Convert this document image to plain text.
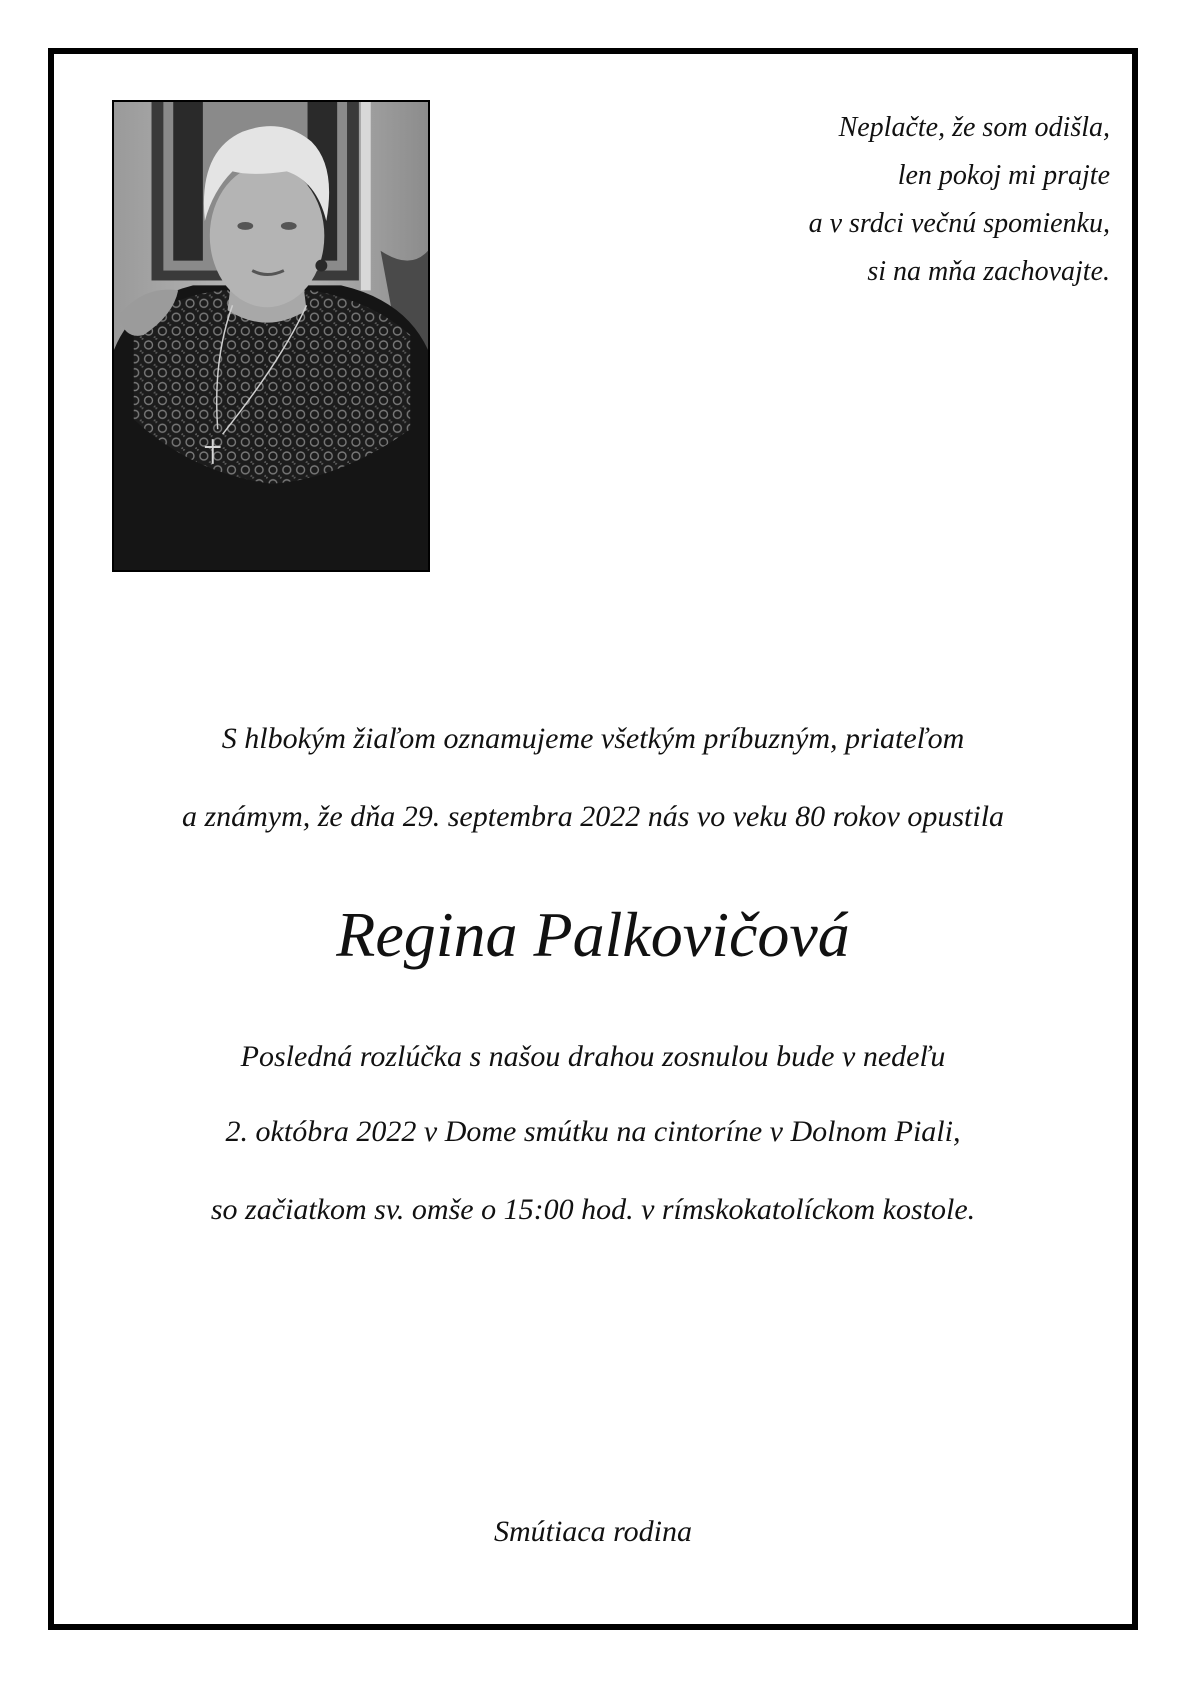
Neplačte, že som odišla,
len pokoj mi prajte
a v srdci večnú spomienku,
si na mňa zachovajte.
S hlbokým žiaľom oznamujeme všetkým príbuzným, priateľom
a známym, že dňa 29. septembra 2022 nás vo veku 80 rokov opustila
Regina Palkovičová
Posledná rozlúčka s našou drahou zosnulou bude v nedeľu
2. októbra 2022 v Dome smútku na cintoríne v Dolnom Piali,
so začiatkom sv. omše o 15:00 hod. v rímskokatolíckom kostole.
Smútiaca rodina
